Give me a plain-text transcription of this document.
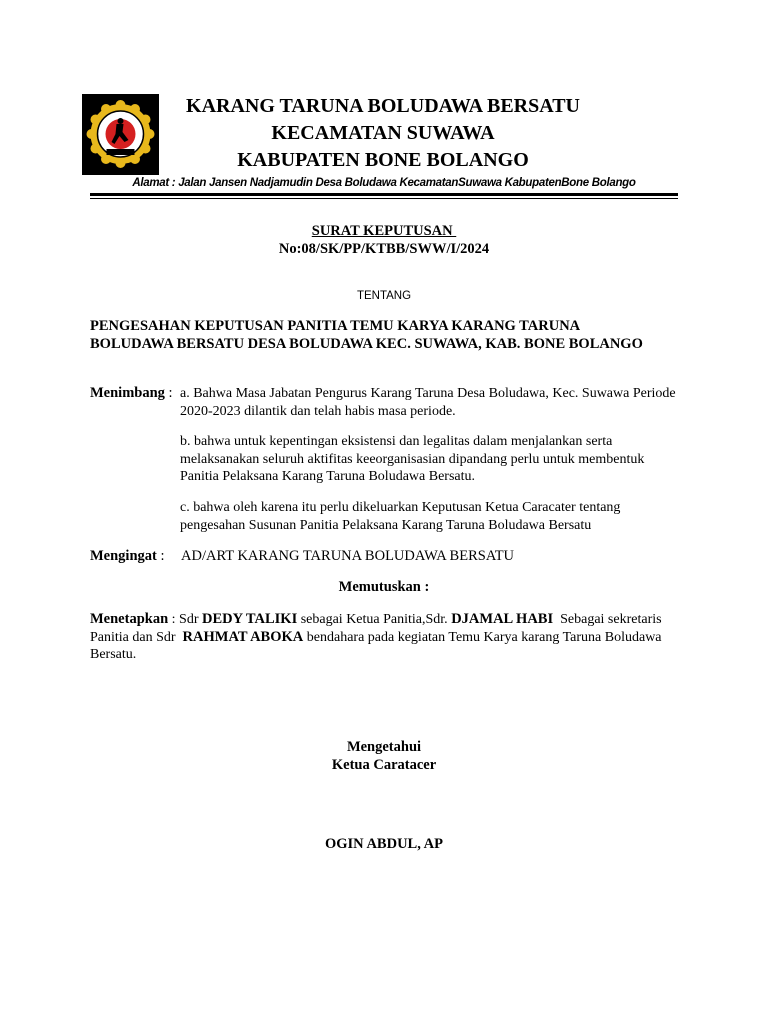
KARANG TARUNA BOLUDAWA BERSATU
KECAMATAN SUWAWA
KABUPATEN BONE BOLANGO
Alamat : Jalan Jansen Nadjamudin Desa Boludawa KecamatanSuwawa KabupatenBone Bolango
SURAT KEPUTUSAN
No:08/SK/PP/KTBB/SWW/I/2024
TENTANG
PENGESAHAN KEPUTUSAN PANITIA TEMU KARYA KARANG TARUNA BOLUDAWA BERSATU DESA BOLUDAWA KEC. SUWAWA, KAB. BONE BOLANGO
Menimbang : a. Bahwa Masa Jabatan Pengurus Karang Taruna Desa Boludawa, Kec. Suwawa Periode 2020-2023 dilantik dan telah habis masa periode.
b. bahwa untuk kepentingan eksistensi dan legalitas dalam menjalankan serta melaksanakan seluruh aktifitas keeorganisasian dipandang perlu untuk membentuk Panitia Pelaksana Karang Taruna Boludawa Bersatu.
c. bahwa oleh karena itu perlu dikeluarkan Keputusan Ketua Caracater tentang pengesahan Susunan Panitia Pelaksana Karang Taruna Boludawa Bersatu
Mengingat : AD/ART KARANG TARUNA BOLUDAWA BERSATU
Memutuskan :
Menetapkan : Sdr DEDY TALIKI sebagai Ketua Panitia,Sdr. DJAMAL HABI  Sebagai sekretaris Panitia dan Sdr  RAHMAT ABOKA bendahara pada kegiatan Temu Karya karang Taruna Boludawa Bersatu.
Mengetahui
Ketua Caratacer
OGIN ABDUL, AP
